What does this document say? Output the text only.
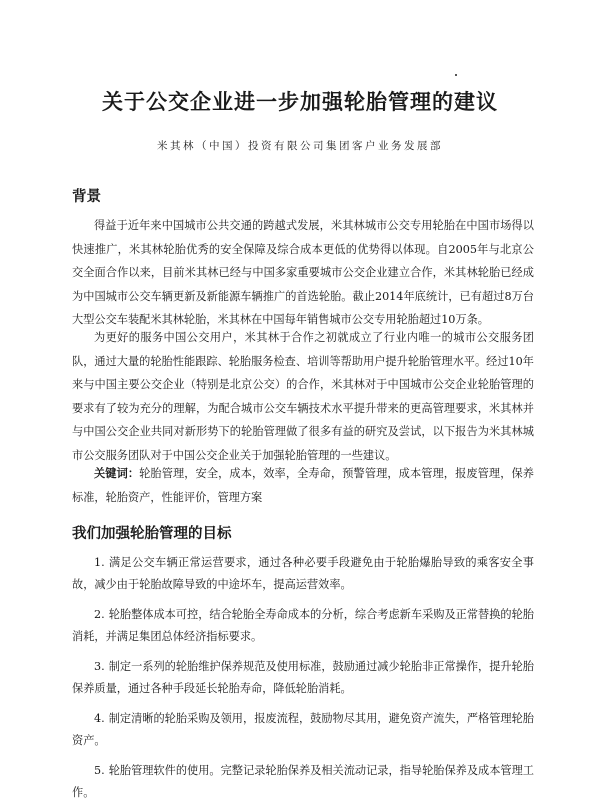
关于公交企业进一步加强轮胎管理的建议

米其林（中国）投资有限公司集团客户业务发展部

背景

得益于近年来中国城市公共交通的跨越式发展，米其林城市公交专用轮胎在中国市场得以快速推广，米其林轮胎优秀的安全保障及综合成本更低的优势得以体现。自2005年与北京公交全面合作以来，目前米其林已经与中国多家重要城市公交企业建立合作，米其林轮胎已经成为中国城市公交车辆更新及新能源车辆推广的首选轮胎。截止2014年底统计，已有超过8万台大型公交车装配米其林轮胎，米其林在中国每年销售城市公交专用轮胎超过10万条。

为更好的服务中国公交用户，米其林于合作之初就成立了行业内唯一的城市公交服务团队，通过大量的轮胎性能跟踪、轮胎服务检查、培训等帮助用户提升轮胎管理水平。经过10年来与中国主要公交企业（特别是北京公交）的合作，米其林对于中国城市公交企业轮胎管理的要求有了较为充分的理解，为配合城市公交车辆技术水平提升带来的更高管理要求，米其林并与中国公交企业共同对新形势下的轮胎管理做了很多有益的研究及尝试，以下报告为米其林城市公交服务团队对于中国公交企业关于加强轮胎管理的一些建议。

关键词：轮胎管理，安全，成本，效率，全寿命，预警管理，成本管理，报废管理，保养标准，轮胎资产，性能评价，管理方案

我们加强轮胎管理的目标
1. 满足公交车辆正常运营要求，通过各种必要手段避免由于轮胎爆胎导致的乘客安全事故，减少由于轮胎故障导致的中途坏车，提高运营效率。
2. 轮胎整体成本可控，结合轮胎全寿命成本的分析，综合考虑新车采购及正常替换的轮胎消耗，并满足集团总体经济指标要求。
3. 制定一系列的轮胎维护保养规范及使用标准，鼓励通过减少轮胎非正常操作，提升轮胎保养质量，通过各种手段延长轮胎寿命，降低轮胎消耗。
4. 制定清晰的轮胎采购及领用，报废流程，鼓励物尽其用，避免资产流失，严格管理轮胎资产。
5. 轮胎管理软件的使用。完整记录轮胎保养及相关流动记录，指导轮胎保养及成本管理工作。
